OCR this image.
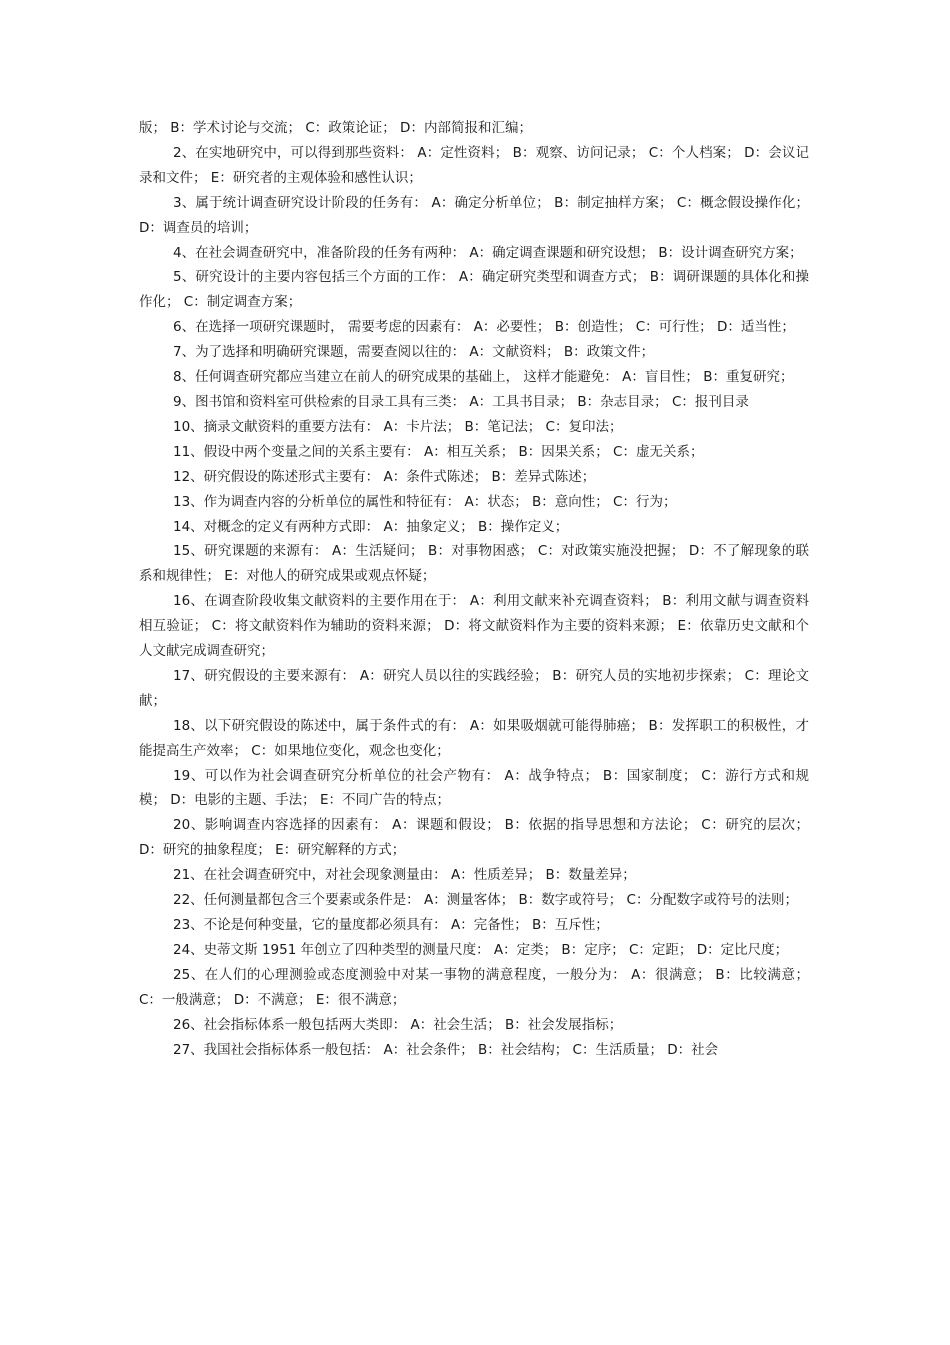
版； B：学术讨论与交流； C：政策论证； D：内部简报和汇编；

2、在实地研究中，可以得到那些资料： A：定性资料； B：观察、访问记录； C：个人档案； D：会议记录和文件； E：研究者的主观体验和感性认识；

3、属于统计调查研究设计阶段的任务有： A：确定分析单位； B：制定抽样方案； C：概念假设操作化； D：调查员的培训；

4、在社会调查研究中，准备阶段的任务有两种： A：确定调查课题和研究设想； B：设计调查研究方案；

5、研究设计的主要内容包括三个方面的工作： A：确定研究类型和调查方式； B：调研课题的具体化和操作化； C：制定调查方案；

6、在选择一项研究课题时， 需要考虑的因素有： A：必要性； B：创造性； C：可行性； D：适当性；

7、为了选择和明确研究课题，需要查阅以往的： A：文献资料； B：政策文件；

8、任何调查研究都应当建立在前人的研究成果的基础上， 这样才能避免： A：盲目性； B：重复研究；

9、图书馆和资料室可供检索的目录工具有三类： A：工具书目录； B：杂志目录； C：报刊目录

10、摘录文献资料的重要方法有： A：卡片法； B：笔记法； C：复印法；

11、假设中两个变量之间的关系主要有： A：相互关系； B：因果关系； C：虚无关系；

12、研究假设的陈述形式主要有： A：条件式陈述； B：差异式陈述；

13、作为调查内容的分析单位的属性和特征有： A：状态； B：意向性； C：行为；

14、对概念的定义有两种方式即： A：抽象定义； B：操作定义；

15、研究课题的来源有： A：生活疑问； B：对事物困惑； C：对政策实施没把握； D：不了解现象的联系和规律性； E：对他人的研究成果或观点怀疑；

16、在调查阶段收集文献资料的主要作用在于： A：利用文献来补充调查资料； B：利用文献与调查资料相互验证； C：将文献资料作为辅助的资料来源； D：将文献资料作为主要的资料来源； E：依靠历史文献和个人文献完成调查研究；

17、研究假设的主要来源有： A：研究人员以往的实践经验； B：研究人员的实地初步探索； C：理论文献；

18、以下研究假设的陈述中，属于条件式的有： A：如果吸烟就可能得肺癌； B：发挥职工的积极性，才能提高生产效率； C：如果地位变化，观念也变化；

19、可以作为社会调查研究分析单位的社会产物有： A：战争特点； B：国家制度； C：游行方式和规模； D：电影的主题、手法； E：不同广告的特点；

20、影响调查内容选择的因素有： A：课题和假设； B：依据的指导思想和方法论； C：研究的层次； D：研究的抽象程度； E：研究解释的方式；

21、在社会调查研究中，对社会现象测量由： A：性质差异； B：数量差异；

22、任何测量都包含三个要素或条件是： A：测量客体； B：数字或符号； C：分配数字或符号的法则；

23、不论是何种变量，它的量度都必须具有： A：完备性； B：互斥性；

24、史蒂文斯 1951 年创立了四种类型的测量尺度： A：定类； B：定序； C：定距； D：定比尺度；

25、在人们的心理测验或态度测验中对某一事物的满意程度，一般分为： A：很满意； B：比较满意； C：一般满意； D：不满意； E：很不满意；

26、社会指标体系一般包括两大类即： A：社会生活； B：社会发展指标；

27、我国社会指标体系一般包括： A：社会条件； B：社会结构； C：生活质量； D：社会
